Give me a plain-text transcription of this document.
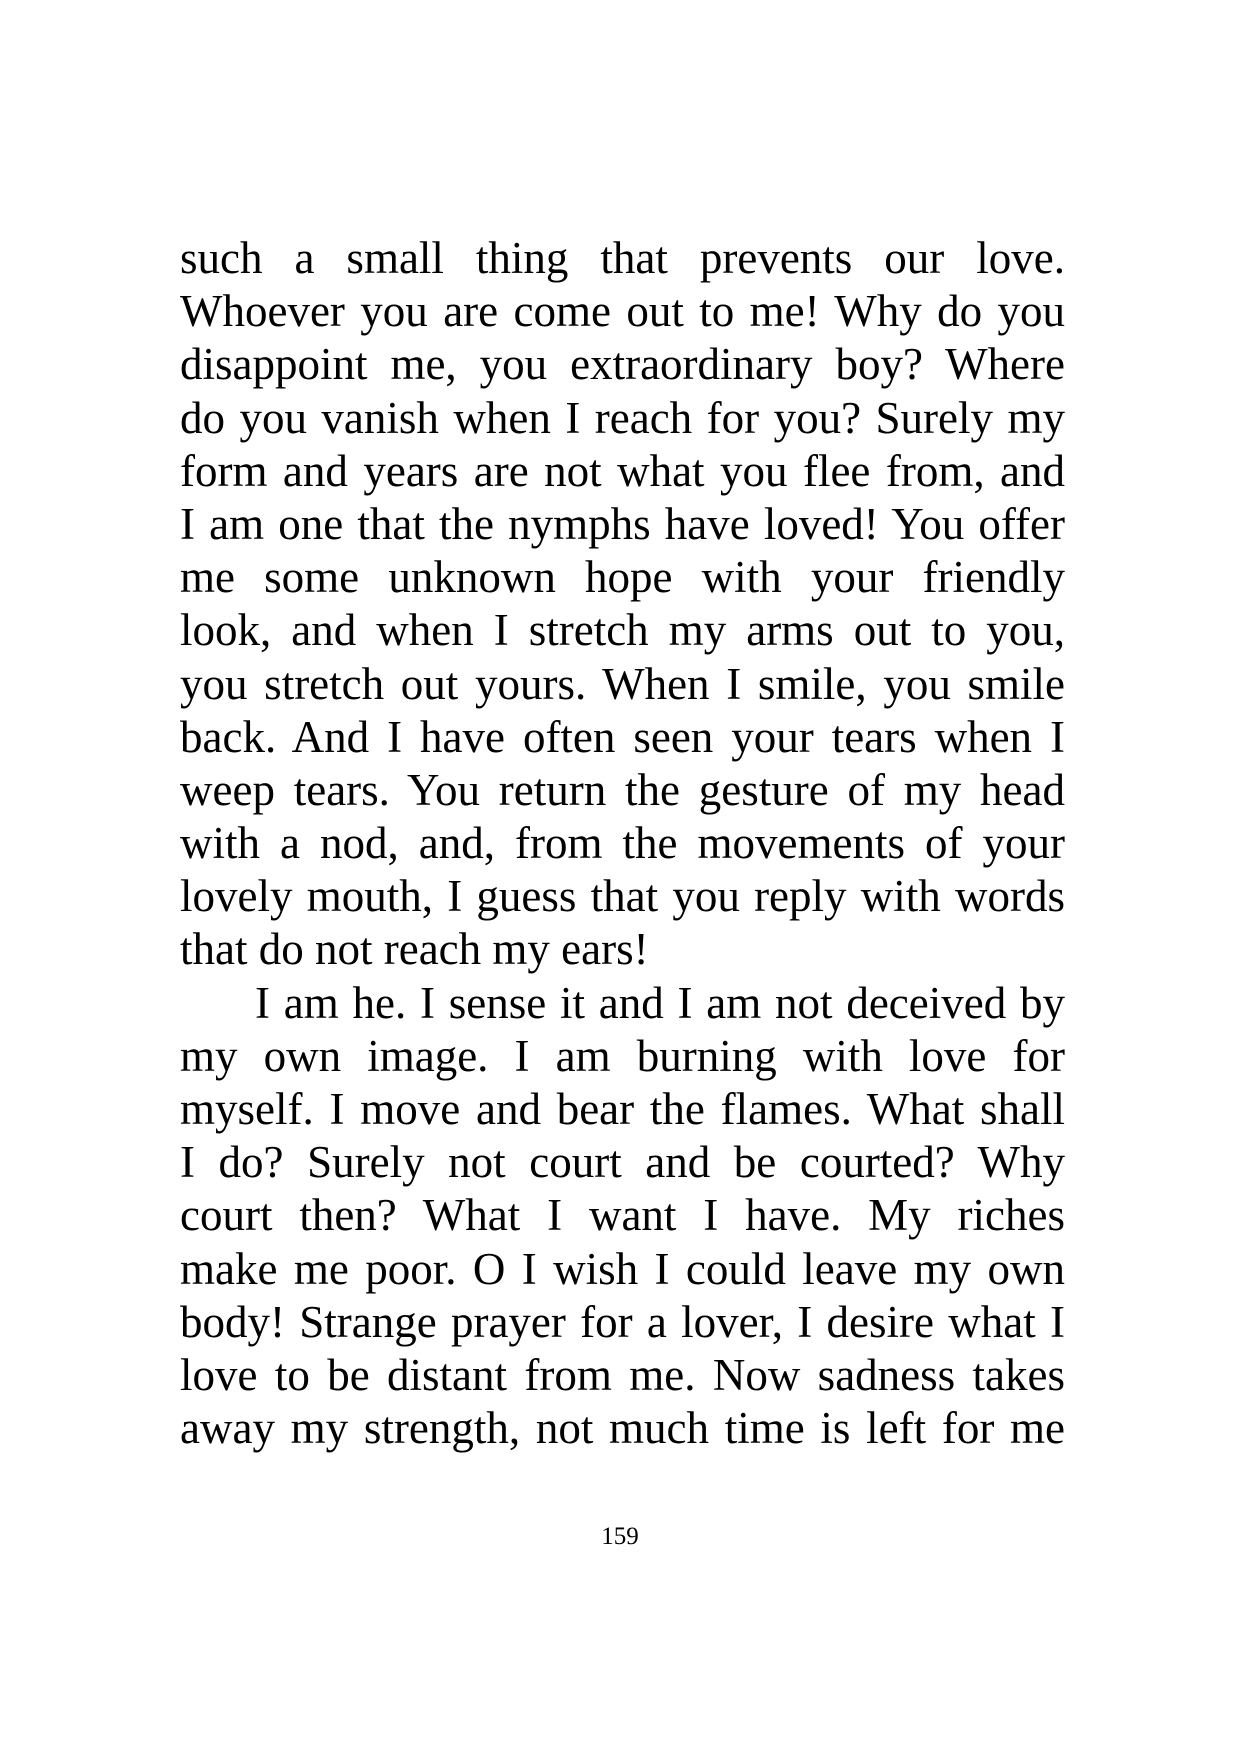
such a small thing that prevents our love.
Whoever you are come out to me! Why do you
disappoint me, you extraordinary boy? Where
do you vanish when I reach for you? Surely my
form and years are not what you flee from, and
I am one that the nymphs have loved! You offer
me some unknown hope with your friendly
look, and when I stretch my arms out to you,
you stretch out yours. When I smile, you smile
back. And I have often seen your tears when I
weep tears. You return the gesture of my head
with a nod, and, from the movements of your
lovely mouth, I guess that you reply with words
that do not reach my ears!
I am he. I sense it and I am not deceived by
my own image. I am burning with love for
myself. I move and bear the flames. What shall
I do? Surely not court and be courted? Why
court then? What I want I have. My riches
make me poor. O I wish I could leave my own
body! Strange prayer for a lover, I desire what I
love to be distant from me. Now sadness takes
away my strength, not much time is left for me
159
